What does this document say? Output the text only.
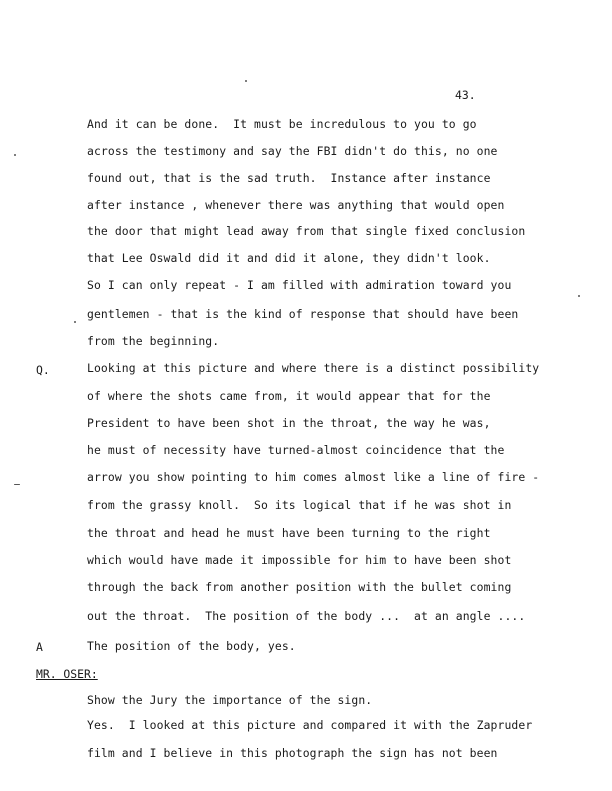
43.

And it can be done.  It must be incredulous to you to go

across the testimony and say the FBI didn't do this, no one

found out, that is the sad truth.  Instance after instance

after instance , whenever there was anything that would open

the door that might lead away from that single fixed conclusion

that Lee Oswald did it and did it alone, they didn't look.

So I can only repeat - I am filled with admiration toward you

gentlemen - that is the kind of response that should have been

from the beginning.

Q.	Looking at this picture and where there is a distinct possibility

of where the shots came from, it would appear that for the

President to have been shot in the throat, the way he was,

he must of necessity have turned-almost coincidence that the

arrow you show pointing to him comes almost like a line of fire -

from the grassy knoll.  So its logical that if he was shot in

the throat and head he must have been turning to the right

which would have made it impossible for him to have been shot

through the back from another position with the bullet coming

out the throat.  The position of the body ...  at an angle ....

A	The position of the body, yes.

MR. OSER:

Show the Jury the importance of the sign.

Yes.  I looked at this picture and compared it with the Zapruder

film and I believe in this photograph the sign has not been
